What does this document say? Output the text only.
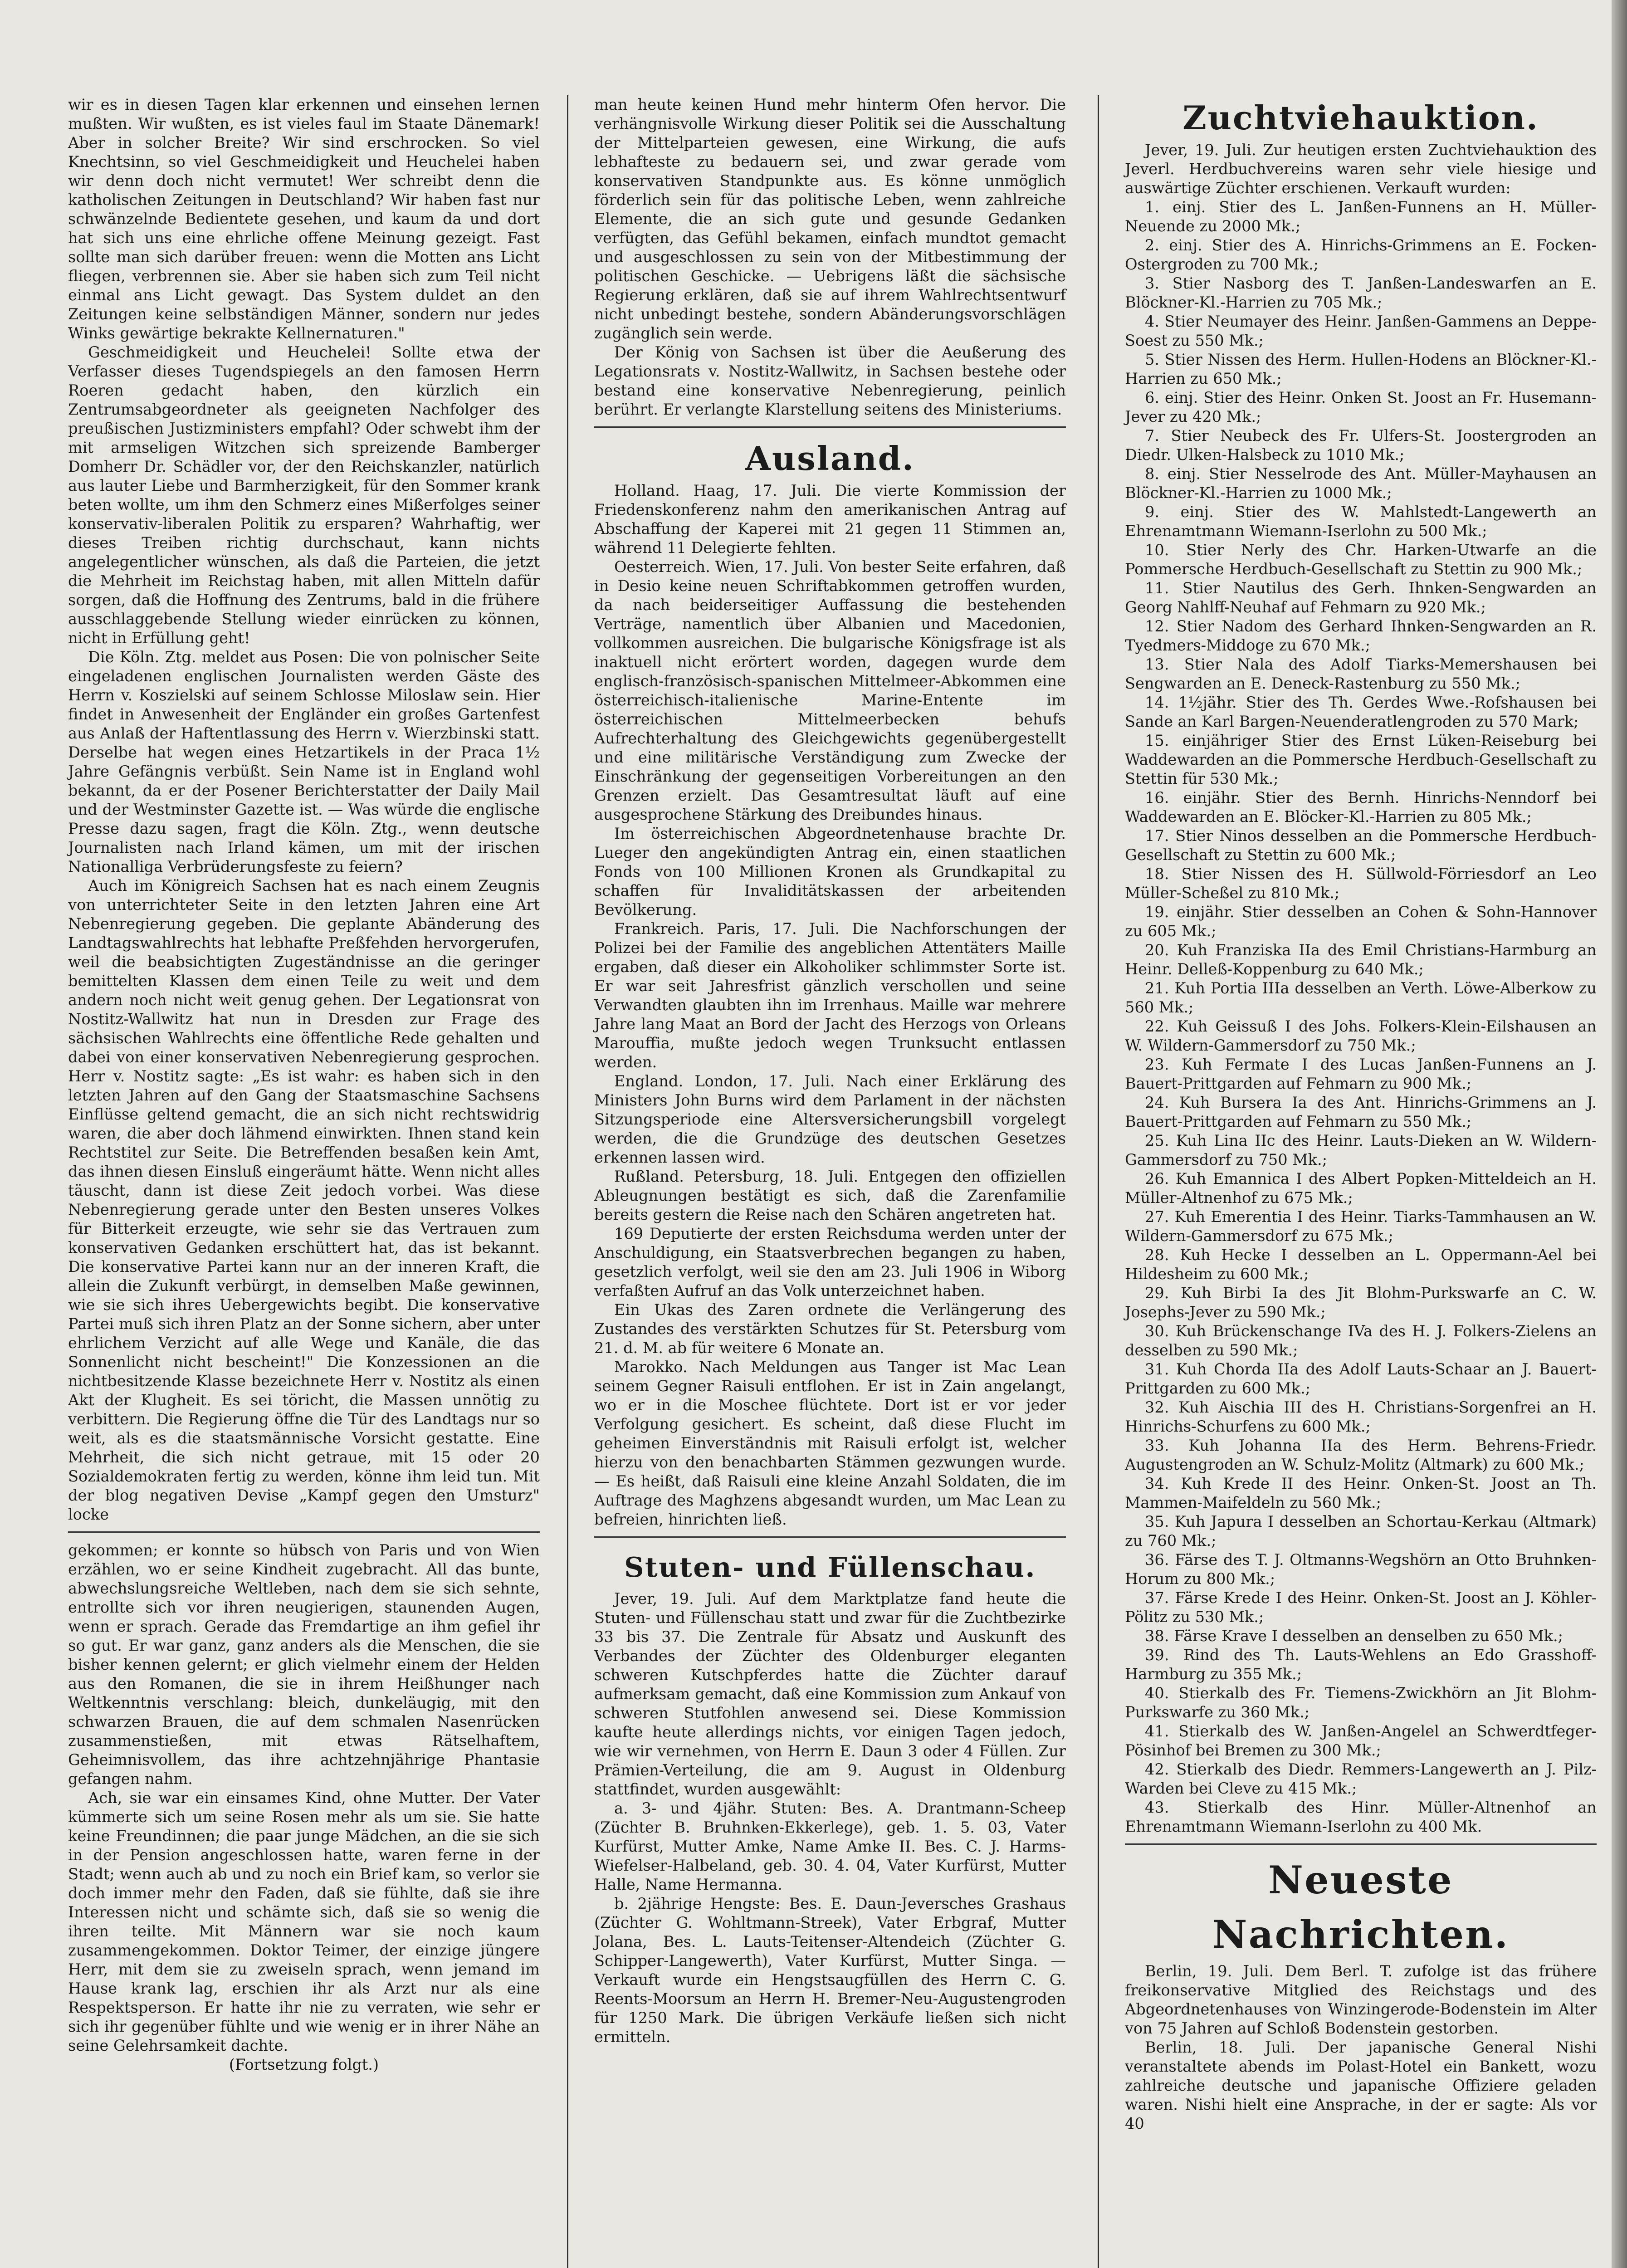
wir es in diesen Tagen klar erkennen und einsehen lernen mußten. Wir wußten, es ist vieles faul im Staate Dänemark! Aber in solcher Breite? Wir sind erschrocken. So viel Knechtsinn, so viel Geschmeidigkeit und Heuchelei haben wir denn doch nicht vermutet! Wer schreibt denn die katholischen Zeitungen in Deutschland? Wir haben fast nur schwänzelnde Bedientete gesehen, und kaum da und dort hat sich uns eine ehrliche offene Meinung gezeigt. Fast sollte man sich darüber freuen: wenn die Motten ans Licht fliegen, verbrennen sie. Aber sie haben sich zum Teil nicht einmal ans Licht gewagt. Das System duldet an den Zeitungen keine selbständigen Männer, sondern nur jedes Winks gewärtige bekrakte Kellnernaturen."

Geschmeidigkeit und Heuchelei! Sollte etwa der Verfasser dieses Tugendspiegels an den famosen Herrn Roeren gedacht haben, den kürzlich ein Zentrumsabgeordneter als geeigneten Nachfolger des preußischen Justizministers empfahl? Oder schwebt ihm der mit armseligen Witzchen sich spreizende Bamberger Domherr Dr. Schädler vor, der den Reichskanzler, natürlich aus lauter Liebe und Barmherzigkeit, für den Sommer krank beten wollte, um ihm den Schmerz eines Mißerfolges seiner konservativ-liberalen Politik zu ersparen? Wahrhaftig, wer dieses Treiben richtig durchschaut, kann nichts angelegentlicher wünschen, als daß die Parteien, die jetzt die Mehrheit im Reichstag haben, mit allen Mitteln dafür sorgen, daß die Hoffnung des Zentrums, bald in die frühere ausschlaggebende Stellung wieder einrücken zu können, nicht in Erfüllung geht!

Die Köln. Ztg. meldet aus Posen: Die von polnischer Seite eingeladenen englischen Journalisten werden Gäste des Herrn v. Koszielski auf seinem Schlosse Miloslaw sein. Hier findet in Anwesenheit der Engländer ein großes Gartenfest aus Anlaß der Haftentlassung des Herrn v. Wierzbinski statt. Derselbe hat wegen eines Hetzartikels in der Praca 1½ Jahre Gefängnis verbüßt. Sein Name ist in England wohl bekannt, da er der Posener Berichterstatter der Daily Mail und der Westminster Gazette ist. — Was würde die englische Presse dazu sagen, fragt die Köln. Ztg., wenn deutsche Journalisten nach Irland kämen, um mit der irischen Nationalliga Verbrüderungsfeste zu feiern?

Auch im Königreich Sachsen hat es nach einem Zeugnis von unterrichteter Seite in den letzten Jahren eine Art Nebenregierung gegeben. Die geplante Abänderung des Landtagswahlrechts hat lebhafte Preßfehden hervorgerufen, weil die beabsichtigten Zugeständnisse an die geringer bemittelten Klassen dem einen Teile zu weit und dem andern noch nicht weit genug gehen. Der Legationsrat von Nostitz-Wallwitz hat nun in Dresden zur Frage des sächsischen Wahlrechts eine öffentliche Rede gehalten und dabei von einer konservativen Nebenregierung gesprochen. Herr v. Nostitz sagte: „Es ist wahr: es haben sich in den letzten Jahren auf den Gang der Staatsmaschine Sachsens Einflüsse geltend gemacht, die an sich nicht rechtswidrig waren, die aber doch lähmend einwirkten. Ihnen stand kein Rechtstitel zur Seite. Die Betreffenden besaßen kein Amt, das ihnen diesen Einsluß eingeräumt hätte. Wenn nicht alles täuscht, dann ist diese Zeit jedoch vorbei. Was diese Nebenregierung gerade unter den Besten unseres Volkes für Bitterkeit erzeugte, wie sehr sie das Vertrauen zum konservativen Gedanken erschüttert hat, das ist bekannt. Die konservative Partei kann nur an der inneren Kraft, die allein die Zukunft verbürgt, in demselben Maße gewinnen, wie sie sich ihres Uebergewichts begibt. Die konservative Partei muß sich ihren Platz an der Sonne sichern, aber unter ehrlichem Verzicht auf alle Wege und Kanäle, die das Sonnenlicht nicht bescheint!" Die Konzessionen an die nichtbesitzende Klasse bezeichnete Herr v. Nostitz als einen Akt der Klugheit. Es sei töricht, die Massen unnötig zu verbittern. Die Regierung öffne die Tür des Landtags nur so weit, als es die staatsmännische Vorsicht gestatte. Eine Mehrheit, die sich nicht getraue, mit 15 oder 20 Sozialdemokraten fertig zu werden, könne ihm leid tun. Mit der blog negativen Devise „Kampf gegen den Umsturz" locke

gekommen; er konnte so hübsch von Paris und von Wien erzählen, wo er seine Kindheit zugebracht. All das bunte, abwechslungsreiche Weltleben, nach dem sie sich sehnte, entrollte sich vor ihren neugierigen, staunenden Augen, wenn er sprach. Gerade das Fremdartige an ihm gefiel ihr so gut. Er war ganz, ganz anders als die Menschen, die sie bisher kennen gelernt; er glich vielmehr einem der Helden aus den Romanen, die sie in ihrem Heißhunger nach Weltkenntnis verschlang: bleich, dunkeläugig, mit den schwarzen Brauen, die auf dem schmalen Nasenrücken zusammenstießen, mit etwas Rätselhaftem, Geheimnisvollem, das ihre achtzehnjährige Phantasie gefangen nahm.

Ach, sie war ein einsames Kind, ohne Mutter. Der Vater kümmerte sich um seine Rosen mehr als um sie. Sie hatte keine Freundinnen; die paar junge Mädchen, an die sie sich in der Pension angeschlossen hatte, waren ferne in der Stadt; wenn auch ab und zu noch ein Brief kam, so verlor sie doch immer mehr den Faden, daß sie fühlte, daß sie ihre Interessen nicht und schämte sich, daß sie so wenig die ihren teilte. Mit Männern war sie noch kaum zusammengekommen. Doktor Teimer, der einzige jüngere Herr, mit dem sie zu zweiseln sprach, wenn jemand im Hause krank lag, erschien ihr als Arzt nur als eine Respektsperson. Er hatte ihr nie zu verraten, wie sehr er sich ihr gegenüber fühlte und wie wenig er in ihrer Nähe an seine Gelehrsamkeit dachte.

(Fortsetzung folgt.)

man heute keinen Hund mehr hinterm Ofen hervor. Die verhängnisvolle Wirkung dieser Politik sei die Ausschaltung der Mittelparteien gewesen, eine Wirkung, die aufs lebhafteste zu bedauern sei, und zwar gerade vom konservativen Standpunkte aus. Es könne unmöglich förderlich sein für das politische Leben, wenn zahlreiche Elemente, die an sich gute und gesunde Gedanken verfügten, das Gefühl bekamen, einfach mundtot gemacht und ausgeschlossen zu sein von der Mitbestimmung der politischen Geschicke. — Uebrigens läßt die sächsische Regierung erklären, daß sie auf ihrem Wahlrechtsentwurf nicht unbedingt bestehe, sondern Abänderungsvorschlägen zugänglich sein werde.

Der König von Sachsen ist über die Aeußerung des Legationsrats v. Nostitz-Wallwitz, in Sachsen bestehe oder bestand eine konservative Nebenregierung, peinlich berührt. Er verlangte Klarstellung seitens des Ministeriums.

Ausland.

Holland. Haag, 17. Juli. Die vierte Kommission der Friedenskonferenz nahm den amerikanischen Antrag auf Abschaffung der Kaperei mit 21 gegen 11 Stimmen an, während 11 Delegierte fehlten.

Oesterreich. Wien, 17. Juli. Von bester Seite erfahren, daß in Desio keine neuen Schriftabkommen getroffen wurden, da nach beiderseitiger Auffassung die bestehenden Verträge, namentlich über Albanien und Macedonien, vollkommen ausreichen. Die bulgarische Königsfrage ist als inaktuell nicht erörtert worden, dagegen wurde dem englisch-französisch-spanischen Mittelmeer-Abkommen eine österreichisch-italienische Marine-Entente im österreichischen Mittelmeerbecken behufs Aufrechterhaltung des Gleichgewichts gegenübergestellt und eine militärische Verständigung zum Zwecke der Einschränkung der gegenseitigen Vorbereitungen an den Grenzen erzielt. Das Gesamtresultat läuft auf eine ausgesprochene Stärkung des Dreibundes hinaus.

Im österreichischen Abgeordnetenhause brachte Dr. Lueger den angekündigten Antrag ein, einen staatlichen Fonds von 100 Millionen Kronen als Grundkapital zu schaffen für Invaliditätskassen der arbeitenden Bevölkerung.

Frankreich. Paris, 17. Juli. Die Nachforschungen der Polizei bei der Familie des angeblichen Attentäters Maille ergaben, daß dieser ein Alkoholiker schlimmster Sorte ist. Er war seit Jahresfrist gänzlich verschollen und seine Verwandten glaubten ihn im Irrenhaus. Maille war mehrere Jahre lang Maat an Bord der Jacht des Herzogs von Orleans Marouffia, mußte jedoch wegen Trunksucht entlassen werden.

England. London, 17. Juli. Nach einer Erklärung des Ministers John Burns wird dem Parlament in der nächsten Sitzungsperiode eine Altersversicherungsbill vorgelegt werden, die die Grundzüge des deutschen Gesetzes erkennen lassen wird.

Rußland. Petersburg, 18. Juli. Entgegen den offiziellen Ableugnungen bestätigt es sich, daß die Zarenfamilie bereits gestern die Reise nach den Schären angetreten hat.

169 Deputierte der ersten Reichsduma werden unter der Anschuldigung, ein Staatsverbrechen begangen zu haben, gesetzlich verfolgt, weil sie den am 23. Juli 1906 in Wiborg verfaßten Aufruf an das Volk unterzeichnet haben.

Ein Ukas des Zaren ordnete die Verlängerung des Zustandes des verstärkten Schutzes für St. Petersburg vom 21. d. M. ab für weitere 6 Monate an.

Marokko. Nach Meldungen aus Tanger ist Mac Lean seinem Gegner Raisuli entflohen. Er ist in Zain angelangt, wo er in die Moschee flüchtete. Dort ist er vor jeder Verfolgung gesichert. Es scheint, daß diese Flucht im geheimen Einverständnis mit Raisuli erfolgt ist, welcher hierzu von den benachbarten Stämmen gezwungen wurde. — Es heißt, daß Raisuli eine kleine Anzahl Soldaten, die im Auftrage des Maghzens abgesandt wurden, um Mac Lean zu befreien, hinrichten ließ.

Stuten- und Füllenschau.

Jever, 19. Juli. Auf dem Marktplatze fand heute die Stuten- und Füllenschau statt und zwar für die Zuchtbezirke 33 bis 37. Die Zentrale für Absatz und Auskunft des Verbandes der Züchter des Oldenburger eleganten schweren Kutschpferdes hatte die Züchter darauf aufmerksam gemacht, daß eine Kommission zum Ankauf von schweren Stutfohlen anwesend sei. Diese Kommission kaufte heute allerdings nichts, vor einigen Tagen jedoch, wie wir vernehmen, von Herrn E. Daun 3 oder 4 Füllen. Zur Prämien-Verteilung, die am 9. August in Oldenburg stattfindet, wurden ausgewählt:

a. 3- und 4jähr. Stuten: Bes. A. Drantmann-Scheep (Züchter B. Bruhnken-Ekkerlege), geb. 1. 5. 03, Vater Kurfürst, Mutter Amke, Name Amke II. Bes. C. J. Harms-Wiefelser-Halbeland, geb. 30. 4. 04, Vater Kurfürst, Mutter Halle, Name Hermanna.

b. 2jährige Hengste: Bes. E. Daun-Jeversches Grashaus (Züchter G. Wohltmann-Streek), Vater Erbgraf, Mutter Jolana, Bes. L. Lauts-Teitenser-Altendeich (Züchter G. Schipper-Langewerth), Vater Kurfürst, Mutter Singa. — Verkauft wurde ein Hengstsaugfüllen des Herrn C. G. Reents-Moorsum an Herrn H. Bremer-Neu-Augustengroden für 1250 Mark. Die übrigen Verkäufe ließen sich nicht ermitteln.

Zuchtviehauktion.

Jever, 19. Juli. Zur heutigen ersten Zuchtviehauktion des Jeverl. Herdbuchvereins waren sehr viele hiesige und auswärtige Züchter erschienen. Verkauft wurden:

1. einj. Stier des L. Janßen-Funnens an H. Müller-Neuende zu 2000 Mk.;
2. einj. Stier des A. Hinrichs-Grimmens an E. Focken-Ostergroden zu 700 Mk.;
3. Stier Nasborg des T. Janßen-Landeswarfen an E. Blöckner-Kl.-Harrien zu 705 Mk.;
4. Stier Neumayer des Heinr. Janßen-Gammens an Deppe-Soest zu 550 Mk.;
5. Stier Nissen des Herm. Hullen-Hodens an Blöckner-Kl.-Harrien zu 650 Mk.;
6. einj. Stier des Heinr. Onken St. Joost an Fr. Husemann-Jever zu 420 Mk.;
7. Stier Neubeck des Fr. Ulfers-St. Joostergroden an Diedr. Ulken-Halsbeck zu 1010 Mk.;
8. einj. Stier Nesselrode des Ant. Müller-Mayhausen an Blöckner-Kl.-Harrien zu 1000 Mk.;
9. einj. Stier des W. Mahlstedt-Langewerth an Ehrenamtmann Wiemann-Iserlohn zu 500 Mk.;
10. Stier Nerly des Chr. Harken-Utwarfe an die Pommersche Herdbuch-Gesellschaft zu Stettin zu 900 Mk.;
11. Stier Nautilus des Gerh. Ihnken-Sengwarden an Georg Nahlff-Neuhaf auf Fehmarn zu 920 Mk.;
12. Stier Nadom des Gerhard Ihnken-Sengwarden an R. Tyedmers-Middoge zu 670 Mk.;
13. Stier Nala des Adolf Tiarks-Memershausen bei Sengwarden an E. Deneck-Rastenburg zu 550 Mk.;
14. 1½jähr. Stier des Th. Gerdes Wwe.-Rofshausen bei Sande an Karl Bargen-Neuenderatlengroden zu 570 Mark;
15. einjähriger Stier des Ernst Lüken-Reiseburg bei Waddewarden an die Pommersche Herdbuch-Gesellschaft zu Stettin für 530 Mk.;
16. einjähr. Stier des Bernh. Hinrichs-Nenndorf bei Waddewarden an E. Blöcker-Kl.-Harrien zu 805 Mk.;
17. Stier Ninos desselben an die Pommersche Herdbuch-Gesellschaft zu Stettin zu 600 Mk.;
18. Stier Nissen des H. Süllwold-Förriesdorf an Leo Müller-Scheßel zu 810 Mk.;
19. einjähr. Stier desselben an Cohen & Sohn-Hannover zu 605 Mk.;
20. Kuh Franziska IIa des Emil Christians-Harmburg an Heinr. Delleß-Koppenburg zu 640 Mk.;
21. Kuh Portia IIIa desselben an Verth. Löwe-Alberkow zu 560 Mk.;
22. Kuh Geissuß I des Johs. Folkers-Klein-Eilshausen an W. Wildern-Gammersdorf zu 750 Mk.;
23. Kuh Fermate I des Lucas Janßen-Funnens an J. Bauert-Prittgarden auf Fehmarn zu 900 Mk.;
24. Kuh Bursera Ia des Ant. Hinrichs-Grimmens an J. Bauert-Prittgarden auf Fehmarn zu 550 Mk.;
25. Kuh Lina IIc des Heinr. Lauts-Dieken an W. Wildern-Gammersdorf zu 750 Mk.;
26. Kuh Emannica I des Albert Popken-Mitteldeich an H. Müller-Altnenhof zu 675 Mk.;
27. Kuh Emerentia I des Heinr. Tiarks-Tammhausen an W. Wildern-Gammersdorf zu 675 Mk.;
28. Kuh Hecke I desselben an L. Oppermann-Ael bei Hildesheim zu 600 Mk.;
29. Kuh Birbi Ia des Jit Blohm-Purkswarfe an C. W. Josephs-Jever zu 590 Mk.;
30. Kuh Brückenschange IVa des H. J. Folkers-Zielens an desselben zu 590 Mk.;
31. Kuh Chorda IIa des Adolf Lauts-Schaar an J. Bauert-Prittgarden zu 600 Mk.;
32. Kuh Aischia III des H. Christians-Sorgenfrei an H. Hinrichs-Schurfens zu 600 Mk.;
33. Kuh Johanna IIa des Herm. Behrens-Friedr. Augustengroden an W. Schulz-Molitz (Altmark) zu 600 Mk.;
34. Kuh Krede II des Heinr. Onken-St. Joost an Th. Mammen-Maifeldeln zu 560 Mk.;
35. Kuh Japura I desselben an Schortau-Kerkau (Altmark) zu 760 Mk.;
36. Färse des T. J. Oltmanns-Wegshörn an Otto Bruhnken-Horum zu 800 Mk.;
37. Färse Krede I des Heinr. Onken-St. Joost an J. Köhler-Pölitz zu 530 Mk.;
38. Färse Krave I desselben an denselben zu 650 Mk.;
39. Rind des Th. Lauts-Wehlens an Edo Grasshoff-Harmburg zu 355 Mk.;
40. Stierkalb des Fr. Tiemens-Zwickhörn an Jit Blohm-Purkswarfe zu 360 Mk.;
41. Stierkalb des W. Janßen-Angelel an Schwerdtfeger-Pösinhof bei Bremen zu 300 Mk.;
42. Stierkalb des Diedr. Remmers-Langewerth an J. Pilz-Warden bei Cleve zu 415 Mk.;
43. Stierkalb des Hinr. Müller-Altnenhof an Ehrenamtmann Wiemann-Iserlohn zu 400 Mk.
Neueste Nachrichten.

Berlin, 19. Juli. Dem Berl. T. zufolge ist das frühere freikonservative Mitglied des Reichstags und des Abgeordnetenhauses von Winzingerode-Bodenstein im Alter von 75 Jahren auf Schloß Bodenstein gestorben.

Berlin, 18. Juli. Der japanische General Nishi veranstaltete abends im Polast-Hotel ein Bankett, wozu zahlreiche deutsche und japanische Offiziere geladen waren. Nishi hielt eine Ansprache, in der er sagte: Als vor 40
